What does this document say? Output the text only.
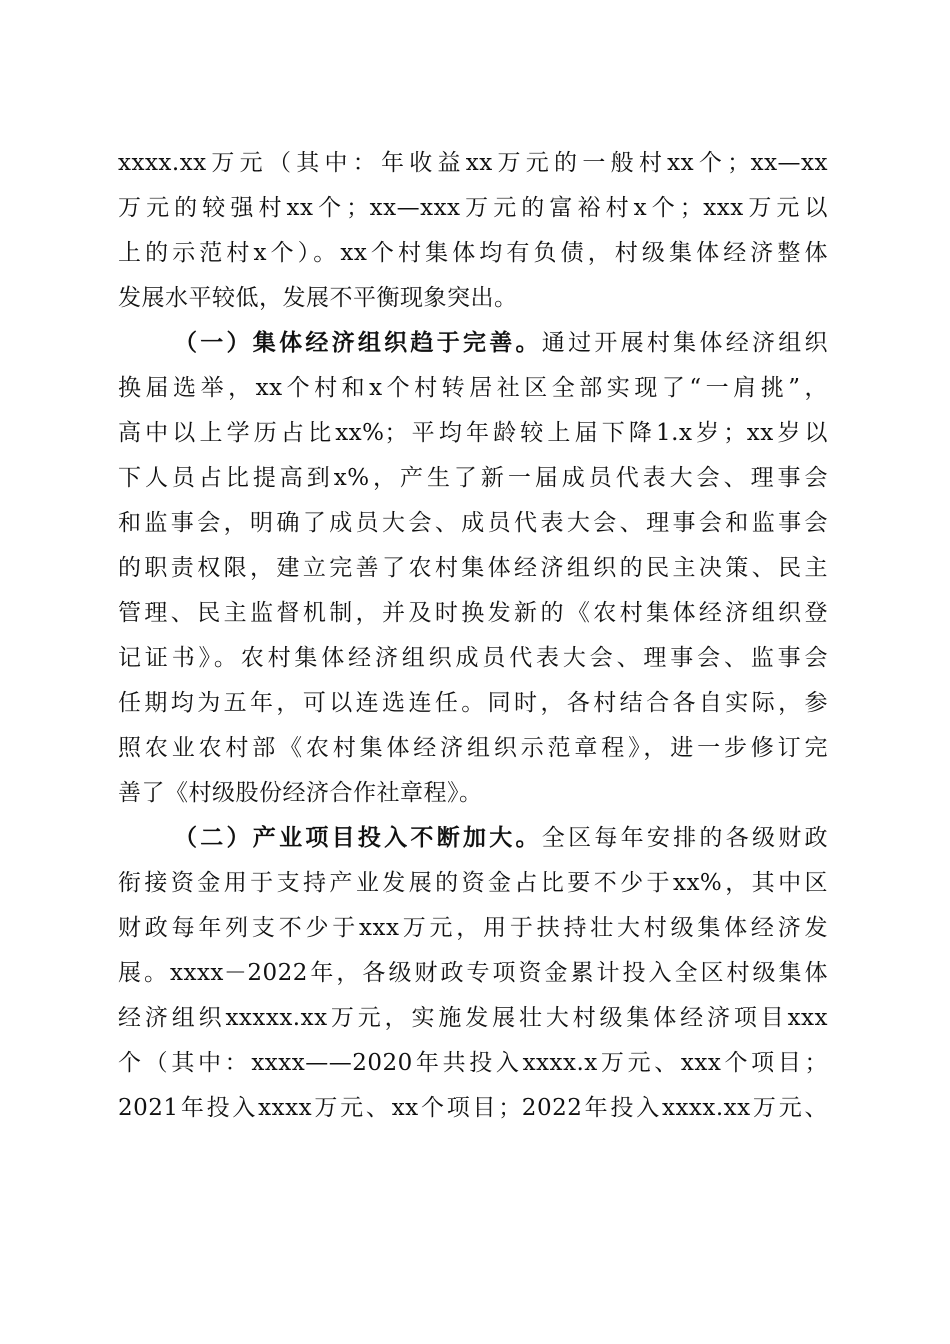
xxxx.xx万元（其中：年收益xx万元的一般村xx个；xx—xx
万元的较强村xx个；xx—xxx万元的富裕村x个；xxx万元以
上的示范村x个）。xx个村集体均有负债，村级集体经济整体
发展水平较低，发展不平衡现象突出。
（一）集体经济组织趋于完善。通过开展村集体经济组织
换届选举，xx个村和x个村转居社区全部实现了“一肩挑”，
高中以上学历占比xx%；平均年龄较上届下降1.x岁；xx岁以
下人员占比提高到x%，产生了新一届成员代表大会、理事会
和监事会，明确了成员大会、成员代表大会、理事会和监事会
的职责权限，建立完善了农村集体经济组织的民主决策、民主
管理、民主监督机制，并及时换发新的《农村集体经济组织登
记证书》。农村集体经济组织成员代表大会、理事会、监事会
任期均为五年，可以连选连任。同时，各村结合各自实际，参
照农业农村部《农村集体经济组织示范章程》，进一步修订完
善了《村级股份经济合作社章程》。
（二）产业项目投入不断加大。全区每年安排的各级财政
衔接资金用于支持产业发展的资金占比要不少于xx%，其中区
财政每年列支不少于xxx万元，用于扶持壮大村级集体经济发
展。xxxx－2022年，各级财政专项资金累计投入全区村级集体
经济组织xxxxx.xx万元，实施发展壮大村级集体经济项目xxx
个（其中：xxxx——2020年共投入xxxx.x万元、xxx个项目；
2021年投入xxxx万元、xx个项目；2022年投入xxxx.xx万元、
